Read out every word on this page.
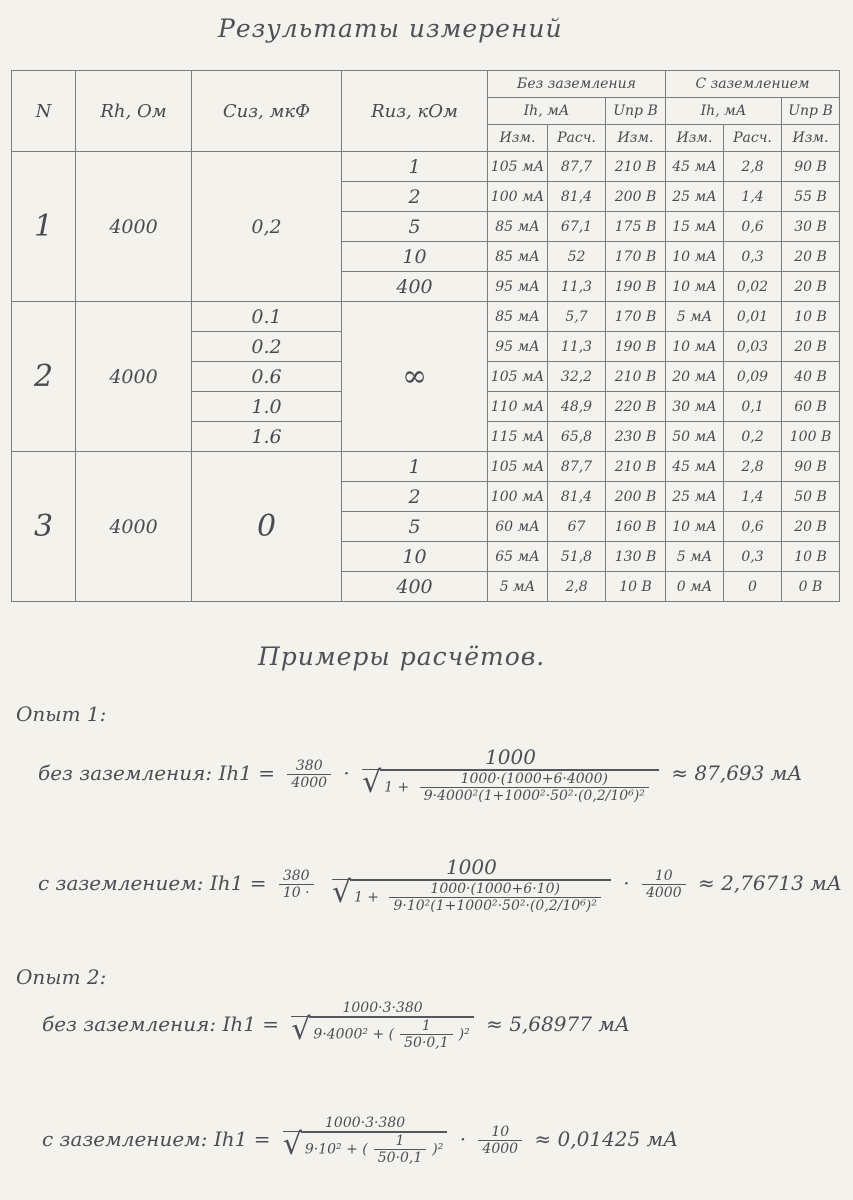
Результаты измерений
N	Rh, Ом	Сиз, мкФ	Rиз, кОм	Без заземления			С заземлением		
				Ih, мА		Uпр В	Ih, мА		Uпр В
				Изм.	Расч.	Изм.	Изм.	Расч.	Изм.
1	4000	0,2	1	105 мА	87,7	210 В	45 мА	2,8	90 В
			2	100 мА	81,4	200 В	25 мА	1,4	55 В
			5	85 мА	67,1	175 В	15 мА	0,6	30 В
			10	85 мА	52	170 В	10 мА	0,3	20 В
			400	95 мА	11,3	190 В	10 мА	0,02	20 В
2	4000	0.1	∞	85 мА	5,7	170 В	5 мА	0,01	10 В
		0.2		95 мА	11,3	190 В	10 мА	0,03	20 В
		0.6		105 мА	32,2	210 В	20 мА	0,09	40 В
		1.0		110 мА	48,9	220 В	30 мА	0,1	60 В
		1.6		115 мА	65,8	230 В	50 мА	0,2	100 В
3	4000	0	1	105 мА	87,7	210 В	45 мА	2,8	90 В
			2	100 мА	81,4	200 В	25 мА	1,4	50 В
			5	60 мА	67	160 В	10 мА	0,6	20 В
			10	65 мА	51,8	130 В	5 мА	0,3	10 В
			400	5 мА	2,8	10 В	0 мА	0	0 В
Примеры расчётов.
Опыт 1:
без заземления: $Ih1 = \frac{380}{4000}$ ·
1000
√ $1 + \frac{1000\cdot(1000+6\cdot 4000)}{\text{9·4000²(1+1000²·50²·(0,2/10⁶)²}} \approx 87,693$ мА
с заземлением: $Ih1 = \frac{380}{10 \cdot}$

1000
√ $1 + \frac{1000\cdot(1000+6\cdot 10)}{\text{9·10²(1+1000²·50²·(0,2/10⁶)²}} \cdot \frac{10}{4000} \approx 2,76713$ мА
Опыт 2:
без заземления: Ih1 = 1000·3·380
√ 9·4000² + ( $\frac{1}{50\cdot 0,1} )^2 \approx 5,68977$ мА
с заземлением: Ih1 = 1000·3·380
√ 9·10² + ( $\frac{1}{50\cdot 0,1} )^2 \cdot \frac{10}{4000} \approx 0,01425$ мА
